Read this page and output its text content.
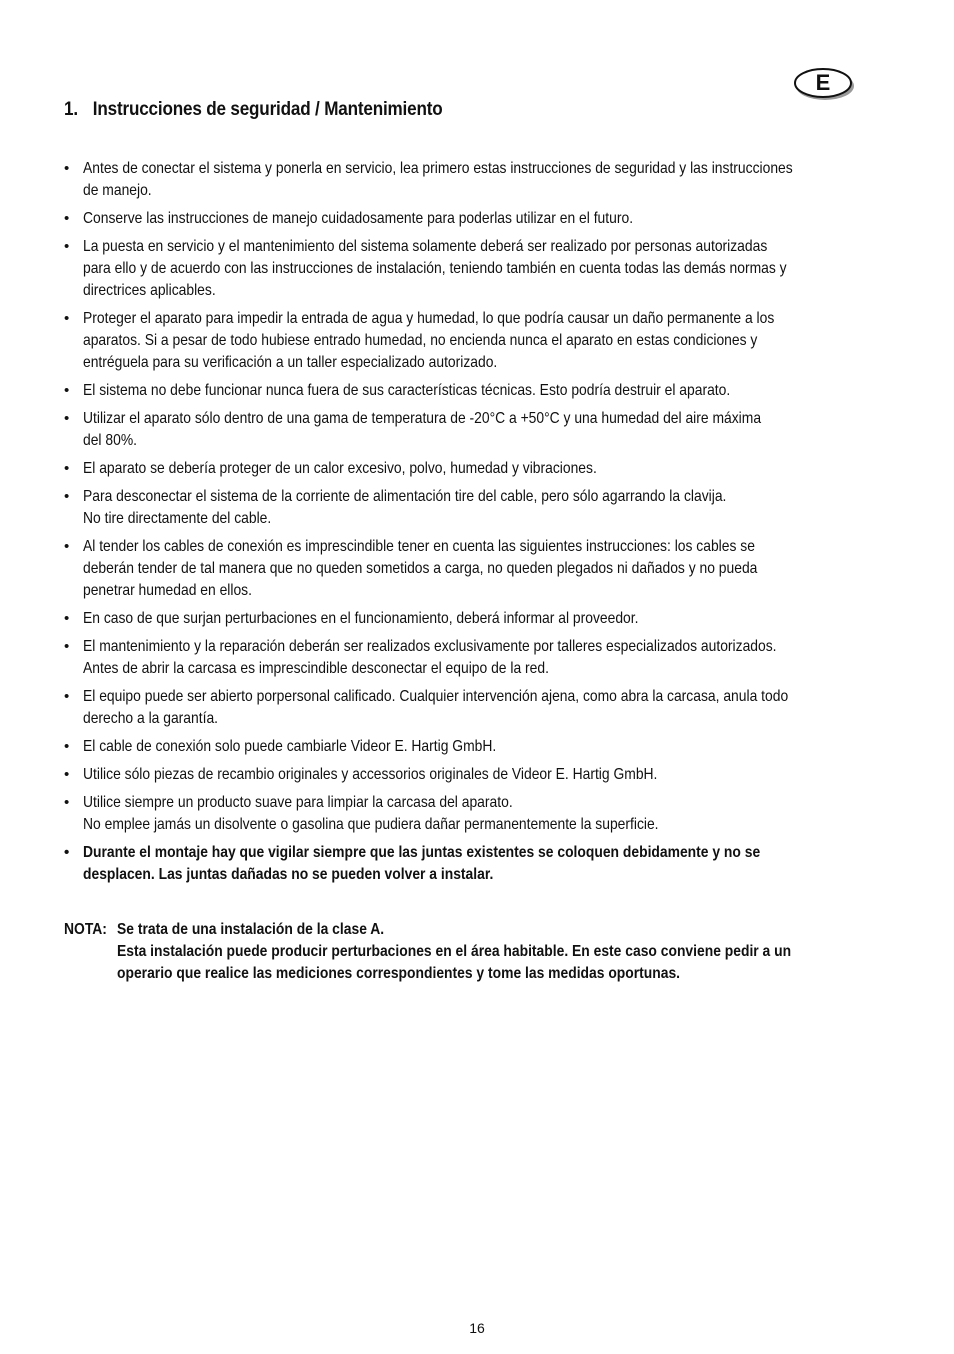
E
1. Instrucciones de seguridad / Mantenimiento
• Antes de conectar el sistema y ponerla en servicio, lea primero estas instrucciones de seguridad y las instrucciones
de manejo.
• Conserve las instrucciones de manejo cuidadosamente para poderlas utilizar en el futuro.
• La puesta en servicio y el mantenimiento del sistema solamente deberá ser realizado por personas autorizadas
para ello y de acuerdo con las instrucciones de instalación, teniendo también en cuenta todas las demás normas y
directrices aplicables.
• Proteger el aparato para impedir la entrada de agua y humedad, lo que podría causar un daño permanente a los
aparatos. Si a pesar de todo hubiese entrado humedad, no encienda nunca el aparato en estas condiciones y
entréguela para su verificación a un taller especializado autorizado.
• El sistema no debe funcionar nunca fuera de sus características técnicas. Esto podría destruir el aparato.
• Utilizar el aparato sólo dentro de una gama de temperatura de -20°C a +50°C y una humedad del aire máxima
del 80%.
• El aparato se debería proteger de un calor excesivo, polvo, humedad y vibraciones.
• Para desconectar el sistema de la corriente de alimentación tire del cable, pero sólo agarrando la clavija.
No tire directamente del cable.
• Al tender los cables de conexión es imprescindible tener en cuenta las siguientes instrucciones: los cables se
deberán tender de tal manera que no queden sometidos a carga, no queden plegados ni dañados y no pueda
penetrar humedad en ellos.
• En caso de que surjan perturbaciones en el funcionamiento, deberá informar al proveedor.
• El mantenimiento y la reparación deberán ser realizados exclusivamente por talleres especializados autorizados.
Antes de abrir la carcasa es imprescindible desconectar el equipo de la red.
• El equipo puede ser abierto porpersonal calificado. Cualquier intervención ajena, como abra la carcasa, anula todo
derecho a la garantía.
• El cable de conexión solo puede cambiarle Videor E. Hartig GmbH.
• Utilice sólo piezas de recambio originales y accessorios originales de Videor E. Hartig GmbH.
• Utilice siempre un producto suave para limpiar la carcasa del aparato.
No emplee jamás un disolvente o gasolina que pudiera dañar permanentemente la superficie.
• Durante el montaje hay que vigilar siempre que las juntas existentes se coloquen debidamente y no se
desplacen. Las juntas dañadas no se pueden volver a instalar.
NOTA: Se trata de una instalación de la clase A.
Esta instalación puede producir perturbaciones en el área habitable. En este caso conviene pedir a un
operario que realice las mediciones correspondientes y tome las medidas oportunas.
16
